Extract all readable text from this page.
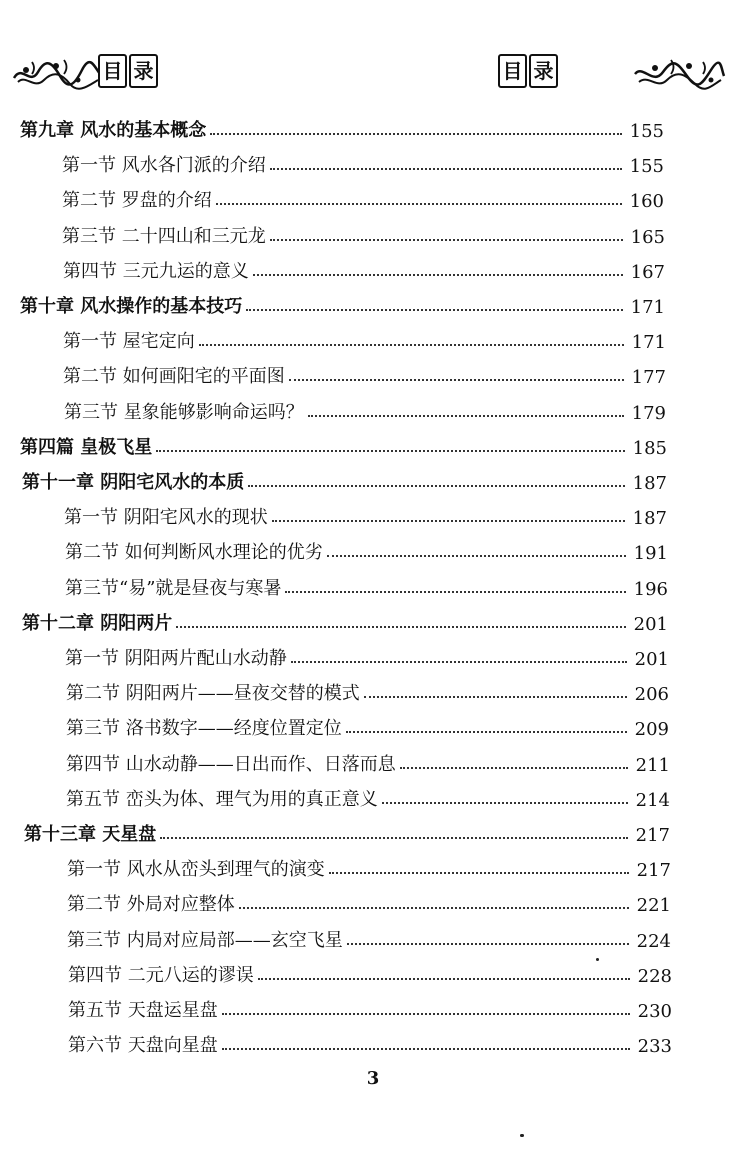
目 录	目 录
第九章 风水的基本概念	155
第一节 风水各门派的介绍	155
第二节 罗盘的介绍	160
第三节 二十四山和三元龙	165
第四节 三元九运的意义	167
第十章 风水操作的基本技巧	171
第一节 屋宅定向	171
第二节 如何画阳宅的平面图	177
第三节 星象能够影响命运吗？	179
第四篇 皇极飞星	185
第十一章 阴阳宅风水的本质	187
第一节 阴阳宅风水的现状	187
第二节 如何判断风水理论的优劣	191
第三节“易”就是昼夜与寒暑	196
第十二章 阴阳两片	201
第一节 阴阳两片配山水动静	201
第二节 阴阳两片——昼夜交替的模式	206
第三节 洛书数字——经度位置定位	209
第四节 山水动静——日出而作、日落而息	211
第五节 峦头为体、理气为用的真正意义	214
第十三章 天星盘	217
第一节 风水从峦头到理气的演变	217
第二节 外局对应整体	221
第三节 内局对应局部——玄空飞星	224
第四节 二元八运的谬误	228
第五节 天盘运星盘	230
第六节 天盘向星盘	233
3
